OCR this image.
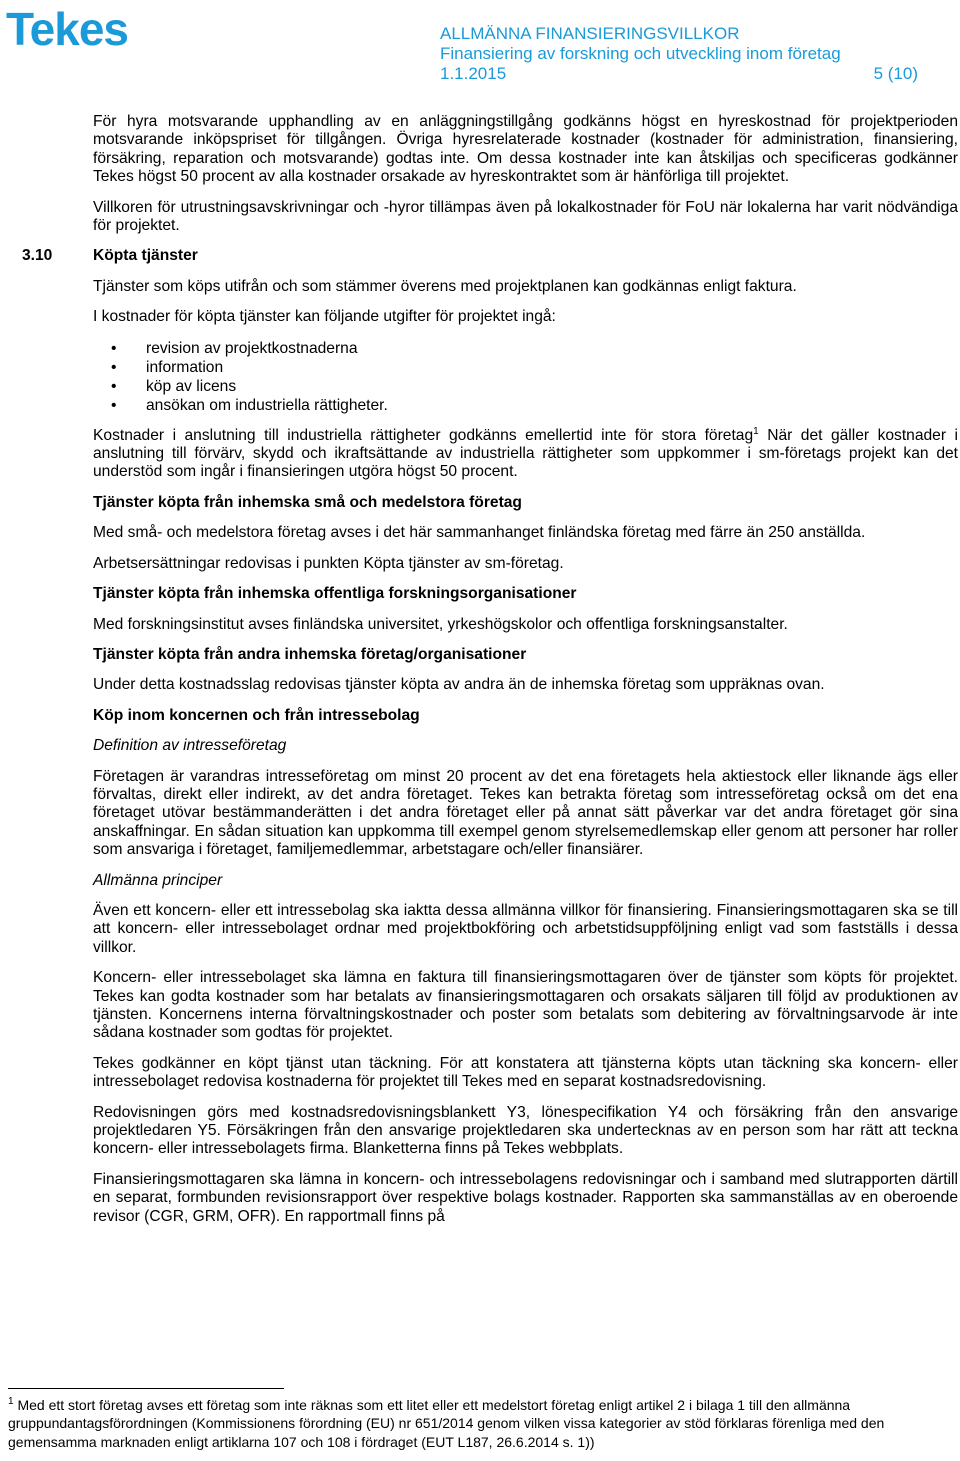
Tekes	ALLMÄNNA FINANSIERINGSVILLKOR
Finansiering av forskning och utveckling inom företag
1.1.2015	5 (10)

För hyra motsvarande upphandling av en anläggningstillgång godkänns högst en hyreskostnad för projektperioden motsvarande inköpspriset för tillgången. Övriga hyresrelaterade kostnader (kostnader för administration, finansiering, försäkring, reparation och motsvarande) godtas inte. Om dessa kostnader inte kan åtskiljas och specificeras godkänner Tekes högst 50 procent av alla kostnader orsakade av hyreskontraktet som är hänförliga till projektet.

Villkoren för utrustningsavskrivningar och -hyror tillämpas även på lokalkostnader för FoU när lokalerna har varit nödvändiga för projektet.

3.10	Köpta tjänster

Tjänster som köps utifrån och som stämmer överens med projektplanen kan godkännas enligt faktura.

I kostnader för köpta tjänster kan följande utgifter för projektet ingå:

• revision av projektkostnaderna
• information
• köp av licens
• ansökan om industriella rättigheter.

Kostnader i anslutning till industriella rättigheter godkänns emellertid inte för stora företag$^1$ När det gäller kostnader i anslutning till förvärv, skydd och ikraftsättande av industriella rättigheter som uppkommer i sm-företags projekt kan det understöd som ingår i finansieringen utgöra högst 50 procent.

Tjänster köpta från inhemska små och medelstora företag

Med små- och medelstora företag avses i det här sammanhanget finländska företag med färre än 250 anställda.

Arbetsersättningar redovisas i punkten Köpta tjänster av sm-företag.

Tjänster köpta från inhemska offentliga forskningsorganisationer

Med forskningsinstitut avses finländska universitet, yrkeshögskolor och offentliga forskningsanstalter.

Tjänster köpta från andra inhemska företag/organisationer

Under detta kostnadsslag redovisas tjänster köpta av andra än de inhemska företag som uppräknas ovan.

Köp inom koncernen och från intressebolag
Definition av intresseföretag

Företagen är varandras intresseföretag om minst 20 procent av det ena företagets hela aktiestock eller liknande ägs eller förvaltas, direkt eller indirekt, av det andra företaget. Tekes kan betrakta företag som intresseföretag också om det ena företaget utövar bestämmanderätten i det andra företaget eller på annat sätt påverkar var det andra företaget gör sina anskaffningar. En sådan situation kan uppkomma till exempel genom styrelsemedlemskap eller genom att personer har roller som ansvariga i företaget, familjemedlemmar, arbetstagare och/eller finansiärer.

Allmänna principer

Även ett koncern- eller ett intressebolag ska iaktta dessa allmänna villkor för finansiering. Finansieringsmottagaren ska se till att koncern- eller intressebolaget ordnar med projektbokföring och arbetstidsuppföljning enligt vad som fastställs i dessa villkor.

Koncern- eller intressebolaget ska lämna en faktura till finansieringsmottagaren över de tjänster som köpts för projektet. Tekes kan godta kostnader som har betalats av finansieringsmottagaren och orsakats säljaren till följd av produktionen av tjänsten. Koncernens interna förvaltningskostnader och poster som betalats som debitering av förvaltningsarvode är inte sådana kostnader som godtas för projektet.

Tekes godkänner en köpt tjänst utan täckning. För att konstatera att tjänsterna köpts utan täckning ska koncern- eller intressebolaget redovisa kostnaderna för projektet till Tekes med en separat kostnadsredovisning.

Redovisningen görs med kostnadsredovisningsblankett Y3, lönespecifikation Y4 och försäkring från den ansvarige projektledaren Y5. Försäkringen från den ansvarige projektledaren ska undertecknas av en person som har rätt att teckna koncern- eller intressebolagets firma. Blanketterna finns på Tekes webbplats.

Finansieringsmottagaren ska lämna in koncern- och intressebolagens redovisningar och i samband med slutrapporten därtill en separat, formbunden revisionsrapport över respektive bolags kostnader. Rapporten ska sammanställas av en oberoende revisor (CGR, GRM, OFR). En rapportmall finns på

$^1$ Med ett stort företag avses ett företag som inte räknas som ett litet eller ett medelstort företag enligt artikel 2 i bilaga 1 till den allmänna gruppundantagsförordningen (Kommissionens förordning (EU) nr 651/2014 genom vilken vissa kategorier av stöd förklaras förenliga med den gemensamma marknaden enligt artiklarna 107 och 108 i fördraget (EUT L187, 26.6.2014 s. 1))
